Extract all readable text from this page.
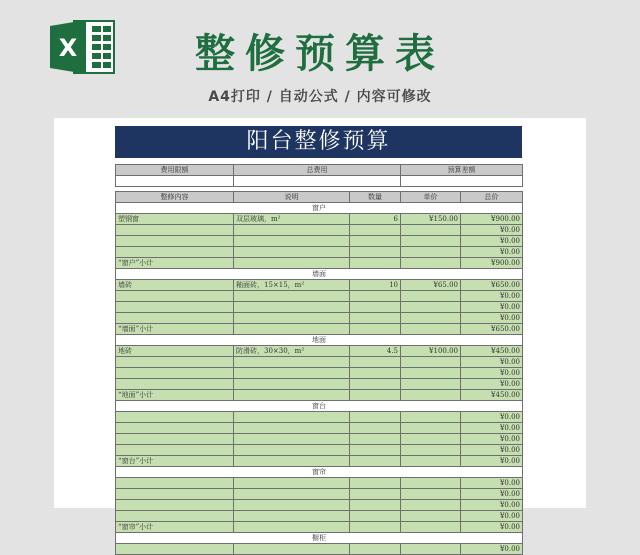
X	整修预算表
A4打印 / 自动公式 / 内容可修改
阳台整修预算
费用限额	总费用		预算差额	

整修内容	说明	数量	单价	总价
窗户				
塑钢窗	双层玻璃，m²	6	¥150.00	¥900.00
				¥0.00
				¥0.00
				¥0.00
“窗户”小计				¥900.00
墙面				
墙砖	釉面砖，15×15，m²	10	¥65.00	¥650.00
				¥0.00
				¥0.00
				¥0.00
“墙面”小计				¥650.00
地面				
地砖	防滑砖，30×30，m²	4.5	¥100.00	¥450.00
				¥0.00
				¥0.00
				¥0.00
“地面”小计				¥450.00
窗台				
				¥0.00
				¥0.00
				¥0.00
				¥0.00
“窗台”小计				¥0.00
窗帘				
				¥0.00
				¥0.00
				¥0.00
				¥0.00
“窗帘”小计				¥0.00
橱柜				
				¥0.00
